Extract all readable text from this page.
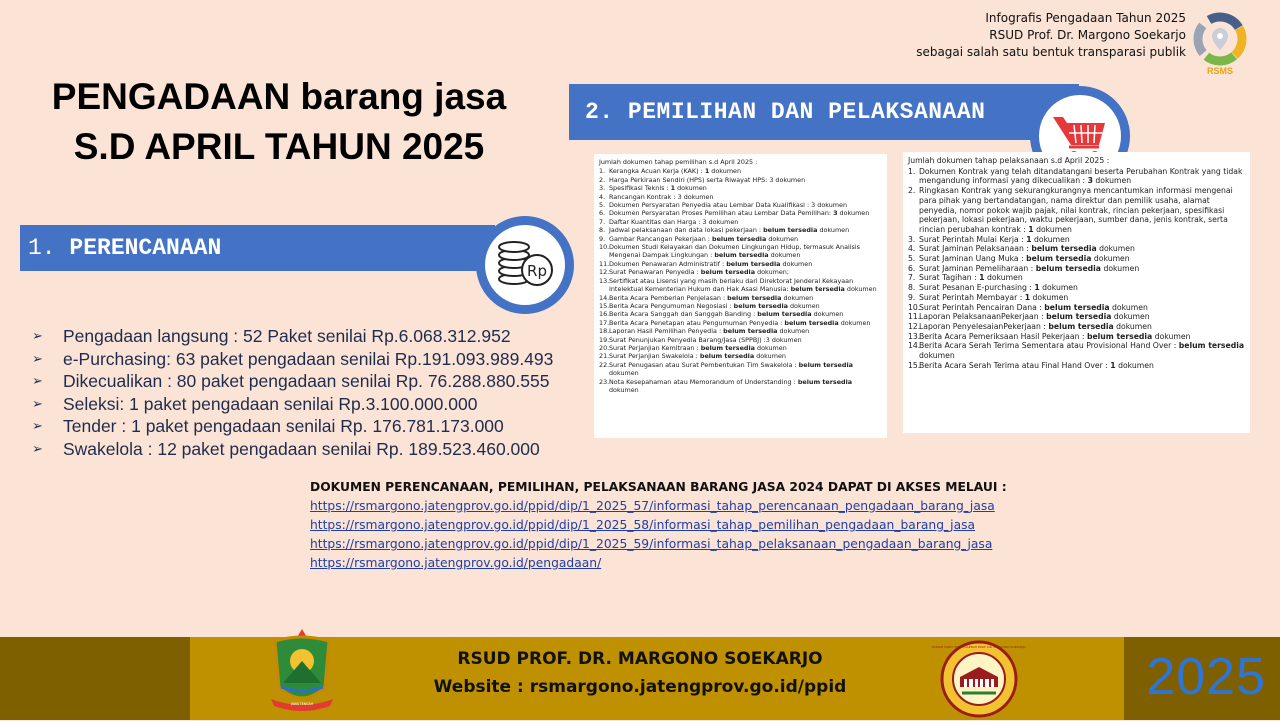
Infografis Pengadaan Tahun 2025
RSUD Prof. Dr. Margono Soekarjo
sebagai salah satu bentuk transparasi publik
RSMS
PENGADAAN barang jasa
S.D APRIL TAHUN 2025
2. PEMILIHAN DAN PELAKSANAAN
1.
PERENCANAAN
Rp
➢	Pengadaan langsung : 52 Paket senilai Rp.6.068.312.952
➢	e-Purchasing: 63 paket pengadaan senilai Rp.191.093.989.493
➢	Dikecualikan : 80 paket pengadaan senilai Rp. 76.288.880.555
➢	Seleksi: 1 paket pengadaan senilai Rp.3.100.000.000
➢	Tender : 1 paket pengadaan senilai Rp. 176.781.173.000
➢	Swakelola : 12 paket pengadaan senilai Rp. 189.523.460.000
Jumlah dokumen tahap pemilihan s.d April 2025 :
1. Kerangka Acuan Kerja (KAK) : 1 dokumen
2. Harga Perkiraan Sendiri (HPS) serta Riwayat HPS: 3 dokumen
3. Spesifikasi Teknis : 1 dokumen
4. Rancangan Kontrak : 3 dokumen
5. Dokumen Persyaratan Penyedia atau Lembar Data Kualifikasi : 3 dokumen
6. Dokumen Persyaratan Proses Pemilihan atau Lembar Data Pemilihan: 3 dokumen
7. Daftar Kuantitas dan Harga : 3 dokumen
8. Jadwal pelaksanaan dan data lokasi pekerjaan : belum tersedia dokumen
9. Gambar Rancangan Pekerjaan : belum tersedia dokumen
10. Dokumen Studi Kelayakan dan Dokumen Lingkungan Hidup, termasuk Analisis Mengenai Dampak Lingkungan : belum tersedia dokumen
11. Dokumen Penawaran Administratif : belum tersedia dokumen
12. Surat Penawaran Penyedia : belum tersedia dokumen;
13. Sertifikat atau Lisensi yang masih berlaku dari Direktorat Jenderal Kekayaan Intelektual Kementerian Hukum dan Hak Asasi Manusia: belum tersedia dokumen
14. Berita Acara Pemberian Penjelasan : belum tersedia dokumen
15. Berita Acara Pengumuman Negosiasi : belum tersedia dokumen
16. Berita Acara Sanggah dan Sanggah Banding : belum tersedia dokumen
17. Berita Acara Penetapan atau Pengumuman Penyedia : belum tersedia dokumen
18. Laporan Hasil Pemilihan Penyedia : belum tersedia dokumen
19. Surat Penunjukan Penyedia Barang/Jasa (SPPBJ) :3 dokumen
20. Surat Perjanjian Kemitraan : belum tersedia dokumen
21. Surat Perjanjian Swakelola : belum tersedia dokumen
22. Surat Penugasan atau Surat Pembentukan Tim Swakelola : belum tersedia dokumen
23. Nota Kesepahaman atau Memorandum of Understanding : belum tersedia dokumen
Jumlah dokumen tahap pelaksanaan s.d April 2025 :
1. Dokumen Kontrak yang telah ditandatangani beserta Perubahan Kontrak yang tidak mengandung informasi yang dikecualikan : 3 dokumen
2. Ringkasan Kontrak yang sekurangkurangnya mencantumkan informasi mengenai para pihak yang bertandatangan, nama direktur dan pemilik usaha, alamat penyedia, nomor pokok wajib pajak, nilai kontrak, rincian pekerjaan, spesifikasi pekerjaan, lokasi pekerjaan, waktu pekerjaan, sumber dana, jenis kontrak, serta rincian perubahan kontrak : 1 dokumen
3. Surat Perintah Mulai Kerja : 1 dokumen
4. Surat Jaminan Pelaksanaan : belum tersedia dokumen
5. Surat Jaminan Uang Muka : belum tersedia dokumen
6. Surat Jaminan Pemeliharaan : belum tersedia dokumen
7. Surat Tagihan : 1 dokumen
8. Surat Pesanan E-purchasing : 1 dokumen
9. Surat Perintah Membayar : 1 dokumen
10.
Surat Perintah Pencairan Dana : belum tersedia dokumen
11.
Laporan PelaksanaanPekerjaan : belum tersedia dokumen
12.
Laporan PenyelesaianPekerjaan : belum tersedia dokumen
13.
Berita Acara Pemeriksaan Hasil Pekerjaan : belum tersedia dokumen
14.
Berita Acara Serah Terima Sementara atau Provisional Hand Over : belum tersedia dokumen
15.
Berita Acara Serah Terima atau Final Hand Over : 1 dokumen
DOKUMEN PERENCANAAN, PEMILIHAN, PELAKSANAAN BARANG JASA 2024 DAPAT DI AKSES MELAUI :
https://rsmargono.jatengprov.go.id/ppid/dip/1_2025_57/informasi_tahap_perencanaan_pengadaan_barang_jasa
https://rsmargono.jatengprov.go.id/ppid/dip/1_2025_58/informasi_tahap_pemilihan_pengadaan_barang_jasa
https://rsmargono.jatengprov.go.id/ppid/dip/1_2025_59/informasi_tahap_pelaksanaan_pengadaan_barang_jasa
https://rsmargono.jatengprov.go.id/pengadaan/
JAWA TENGAH
RSUD PROF. DR. MARGONO SOEKARJO
Website : rsmargono.jatengprov.go.id/ppid
RUMAH SAKIT UMUM DAERAH PROF. DR. MARGONO SOEKARJO
2025
